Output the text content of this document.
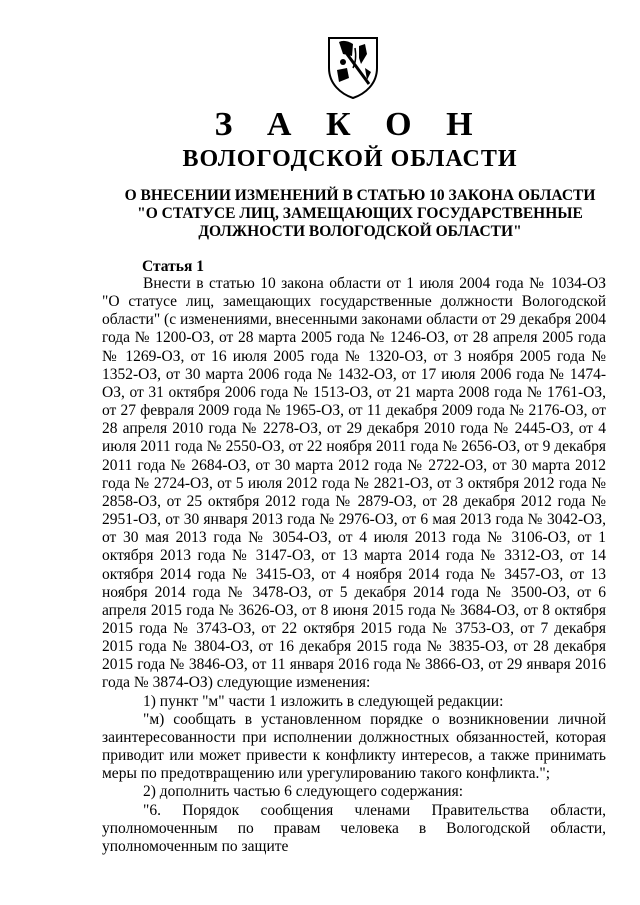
З А К О Н
ВОЛОГОДСКОЙ ОБЛАСТИ
О ВНЕСЕНИИ ИЗМЕНЕНИЙ В СТАТЬЮ 10 ЗАКОНА ОБЛАСТИ
"О СТАТУСЕ ЛИЦ, ЗАМЕЩАЮЩИХ ГОСУДАРСТВЕННЫЕ
ДОЛЖНОСТИ ВОЛОГОДСКОЙ ОБЛАСТИ"
Статья 1

Внести в статью 10 закона области от 1 июля 2004 года № 1034-ОЗ "О статусе лиц, замещающих государственные должности Вологодской области" (с изменениями, внесенными законами области от 29 декабря 2004 года № 1200-ОЗ, от 28 марта 2005 года № 1246-ОЗ, от 28 апреля 2005 года № 1269-ОЗ, от 16 июля 2005 года № 1320-ОЗ, от 3 ноября 2005 года № 1352-ОЗ, от 30 марта 2006 года № 1432-ОЗ, от 17 июля 2006 года № 1474-ОЗ, от 31 октября 2006 года № 1513-ОЗ, от 21 марта 2008 года № 1761-ОЗ, от 27 февраля 2009 года № 1965-ОЗ, от 11 декабря 2009 года № 2176-ОЗ, от 28 апреля 2010 года № 2278-ОЗ, от 29 декабря 2010 года № 2445-ОЗ, от 4 июля 2011 года № 2550-ОЗ, от 22 ноября 2011 года № 2656-ОЗ, от 9 декабря 2011 года № 2684-ОЗ, от 30 марта 2012 года № 2722-ОЗ, от 30 марта 2012 года № 2724-ОЗ, от 5 июля 2012 года № 2821-ОЗ, от 3 октября 2012 года № 2858-ОЗ, от 25 октября 2012 года № 2879-ОЗ, от 28 декабря 2012 года № 2951-ОЗ, от 30 января 2013 года № 2976-ОЗ, от 6 мая 2013 года № 3042-ОЗ, от 30 мая 2013 года № 3054-ОЗ, от 4 июля 2013 года № 3106-ОЗ, от 1 октября 2013 года № 3147-ОЗ, от 13 марта 2014 года № 3312-ОЗ, от 14 октября 2014 года № 3415-ОЗ, от 4 ноября 2014 года № 3457-ОЗ, от 13 ноября 2014 года № 3478-ОЗ, от 5 декабря 2014 года № 3500-ОЗ, от 6 апреля 2015 года № 3626-ОЗ, от 8 июня 2015 года № 3684-ОЗ, от 8 октября 2015 года № 3743-ОЗ, от 22 октября 2015 года № 3753-ОЗ, от 7 декабря 2015 года № 3804-ОЗ, от 16 декабря 2015 года № 3835-ОЗ, от 28 декабря 2015 года № 3846-ОЗ, от 11 января 2016 года № 3866-ОЗ, от 29 января 2016 года № 3874-ОЗ) следующие изменения:

1) пункт "м" части 1 изложить в следующей редакции:

"м) сообщать в установленном порядке о возникновении личной заинтересованности при исполнении должностных обязанностей, которая приводит или может привести к конфликту интересов, а также принимать меры по предотвращению или урегулированию такого конфликта.";

2) дополнить частью 6 следующего содержания:

"6. Порядок сообщения членами Правительства области, уполномоченным по правам человека в Вологодской области, уполномоченным по защите
